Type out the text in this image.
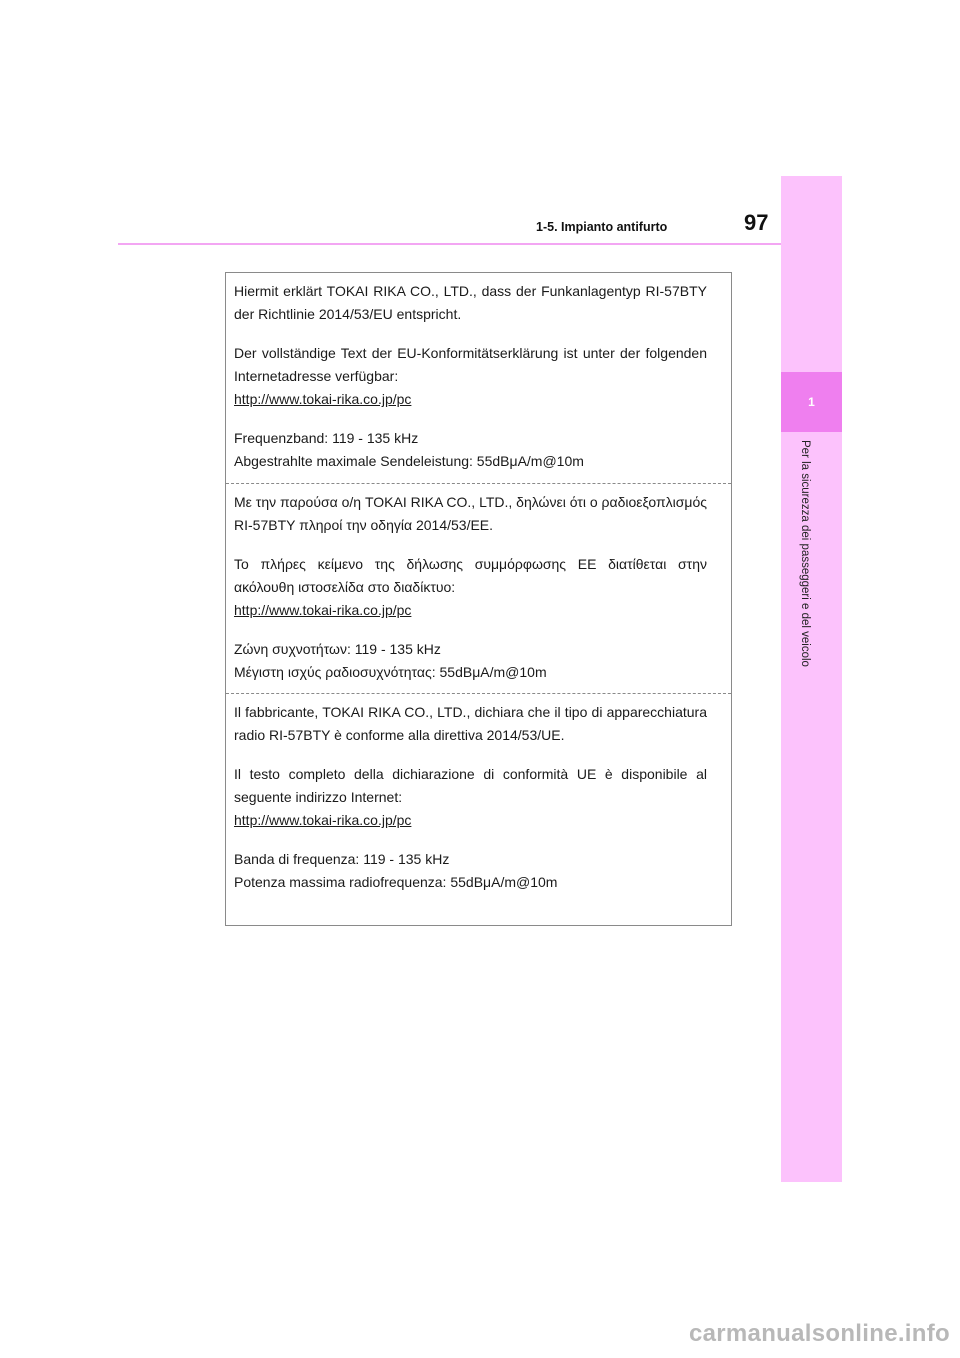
1
Per la sicurezza dei passeggeri e del veicolo
1-5. Impianto antifurto	97

Hiermit erklärt TOKAI RIKA CO., LTD., dass der Funkanlagentyp RI-57BTY der Richtlinie 2014/53/EU entspricht.

Der vollständige Text der EU-Konformitätserklärung ist unter der folgenden Internetadresse verfügbar:
http://www.tokai-rika.co.jp/pc

Frequenzband: 119 - 135 kHz
Abgestrahlte maximale Sendeleistung: 55dBμA/m@10m

Με την παρούσα ο/η TOKAI RIKA CO., LTD., δηλώνει ότι ο ραδιοεξοπλισμός RI-57BTY πληροί την οδηγία 2014/53/ΕΕ.

Το πλήρες κείμενο της δήλωσης συμμόρφωσης ΕΕ διατίθεται στην ακόλουθη ιστοσελίδα στο διαδίκτυο:
http://www.tokai-rika.co.jp/pc

Ζώνη συχνοτήτων: 119 - 135 kHz
Μέγιστη ισχύς ραδιοσυχνότητας: 55dBμA/m@10m

Il fabbricante, TOKAI RIKA CO., LTD., dichiara che il tipo di apparecchiatura radio RI-57BTY è conforme alla direttiva 2014/53/UE.

Il testo completo della dichiarazione di conformità UE è disponibile al seguente indirizzo Internet:
http://www.tokai-rika.co.jp/pc

Banda di frequenza: 119 - 135 kHz
Potenza massima radiofrequenza: 55dBμA/m@10m

carmanualsonline.info
